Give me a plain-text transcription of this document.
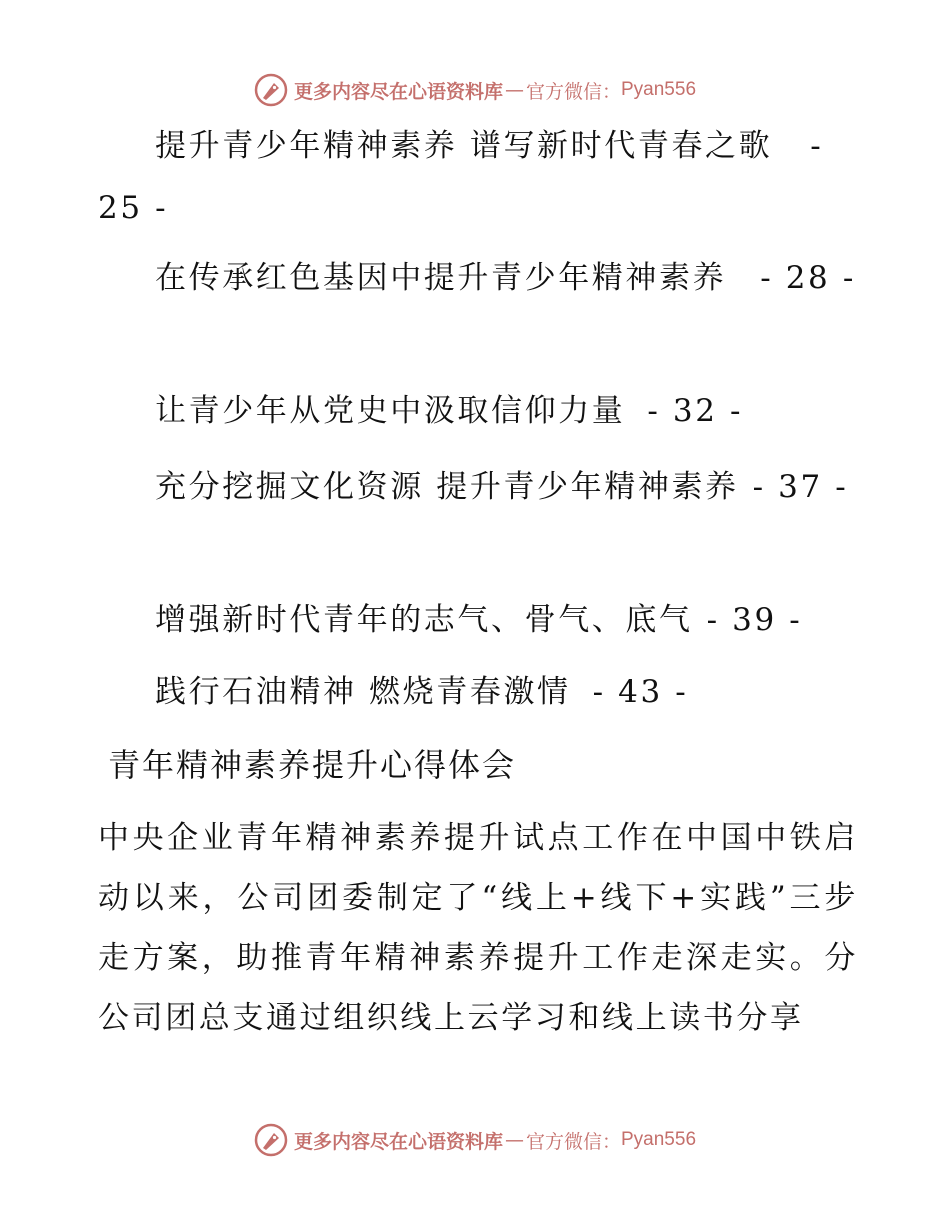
更多内容尽在心语资料库 — 官方微信： Pyan556
提升青少年精神素养 谱写新时代青春之歌 - 25 -
在传承红色基因中提升青少年精神素养 - 28 -
让青少年从党史中汲取信仰力量 - 32 -
充分挖掘文化资源 提升青少年精神素养 - 37 -
增强新时代青年的志气、骨气、底气 - 39 -
践行石油精神 燃烧青春激情 - 43 -
青年精神素养提升心得体会
中央企业青年精神素养提升试点工作在中国中铁启动以来，公司团委制定了“线上+线下+实践”三步走方案，助推青年精神素养提升工作走深走实。分公司团总支通过组织线上云学习和线上读书分享
更多内容尽在心语资料库 — 官方微信： Pyan556
